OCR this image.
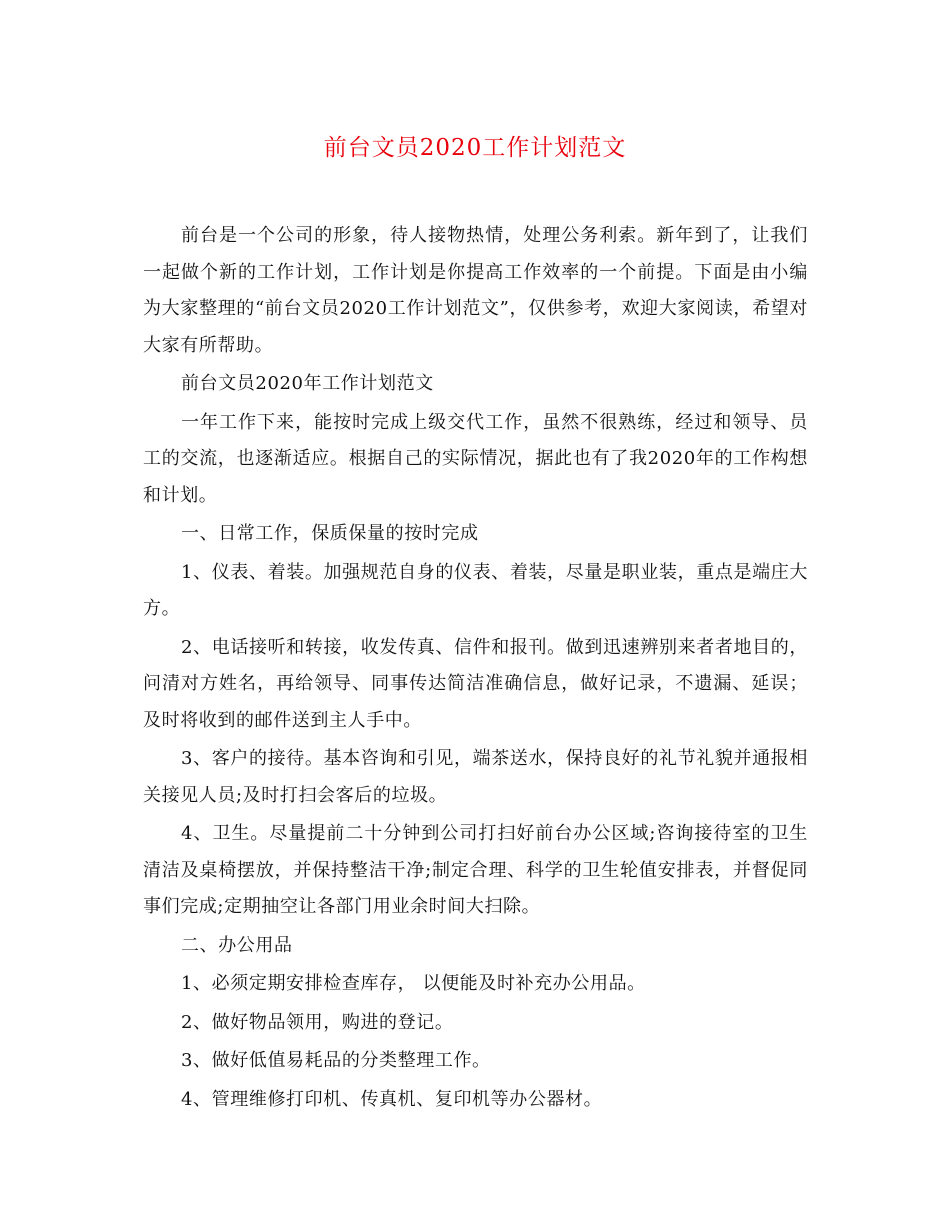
前台文员2020工作计划范文

前台是一个公司的形象，待人接物热情，处理公务利索。新年到了，让我们一起做个新的工作计划，工作计划是你提高工作效率的一个前提。下面是由小编为大家整理的“前台文员2020工作计划范文”，仅供参考，欢迎大家阅读，希望对大家有所帮助。

前台文员2020年工作计划范文

一年工作下来，能按时完成上级交代工作，虽然不很熟练，经过和领导、员工的交流，也逐渐适应。根据自己的实际情况，据此也有了我2020年的工作构想和计划。

一、日常工作，保质保量的按时完成

1、仪表、着装。加强规范自身的仪表、着装，尽量是职业装，重点是端庄大方。

2、电话接听和转接，收发传真、信件和报刊。做到迅速辨别来者者地目的，问清对方姓名，再给领导、同事传达简洁准确信息，做好记录，不遗漏、延误；及时将收到的邮件送到主人手中。

3、客户的接待。基本咨询和引见，端茶送水，保持良好的礼节礼貌并通报相关接见人员;及时打扫会客后的垃圾。

4、卫生。尽量提前二十分钟到公司打扫好前台办公区域;咨询接待室的卫生清洁及桌椅摆放，并保持整洁干净;制定合理、科学的卫生轮值安排表，并督促同事们完成;定期抽空让各部门用业余时间大扫除。

二、办公用品

1、必须定期安排检查库存， 以便能及时补充办公用品。

2、做好物品领用，购进的登记。

3、做好低值易耗品的分类整理工作。

4、管理维修打印机、传真机、复印机等办公器材。
